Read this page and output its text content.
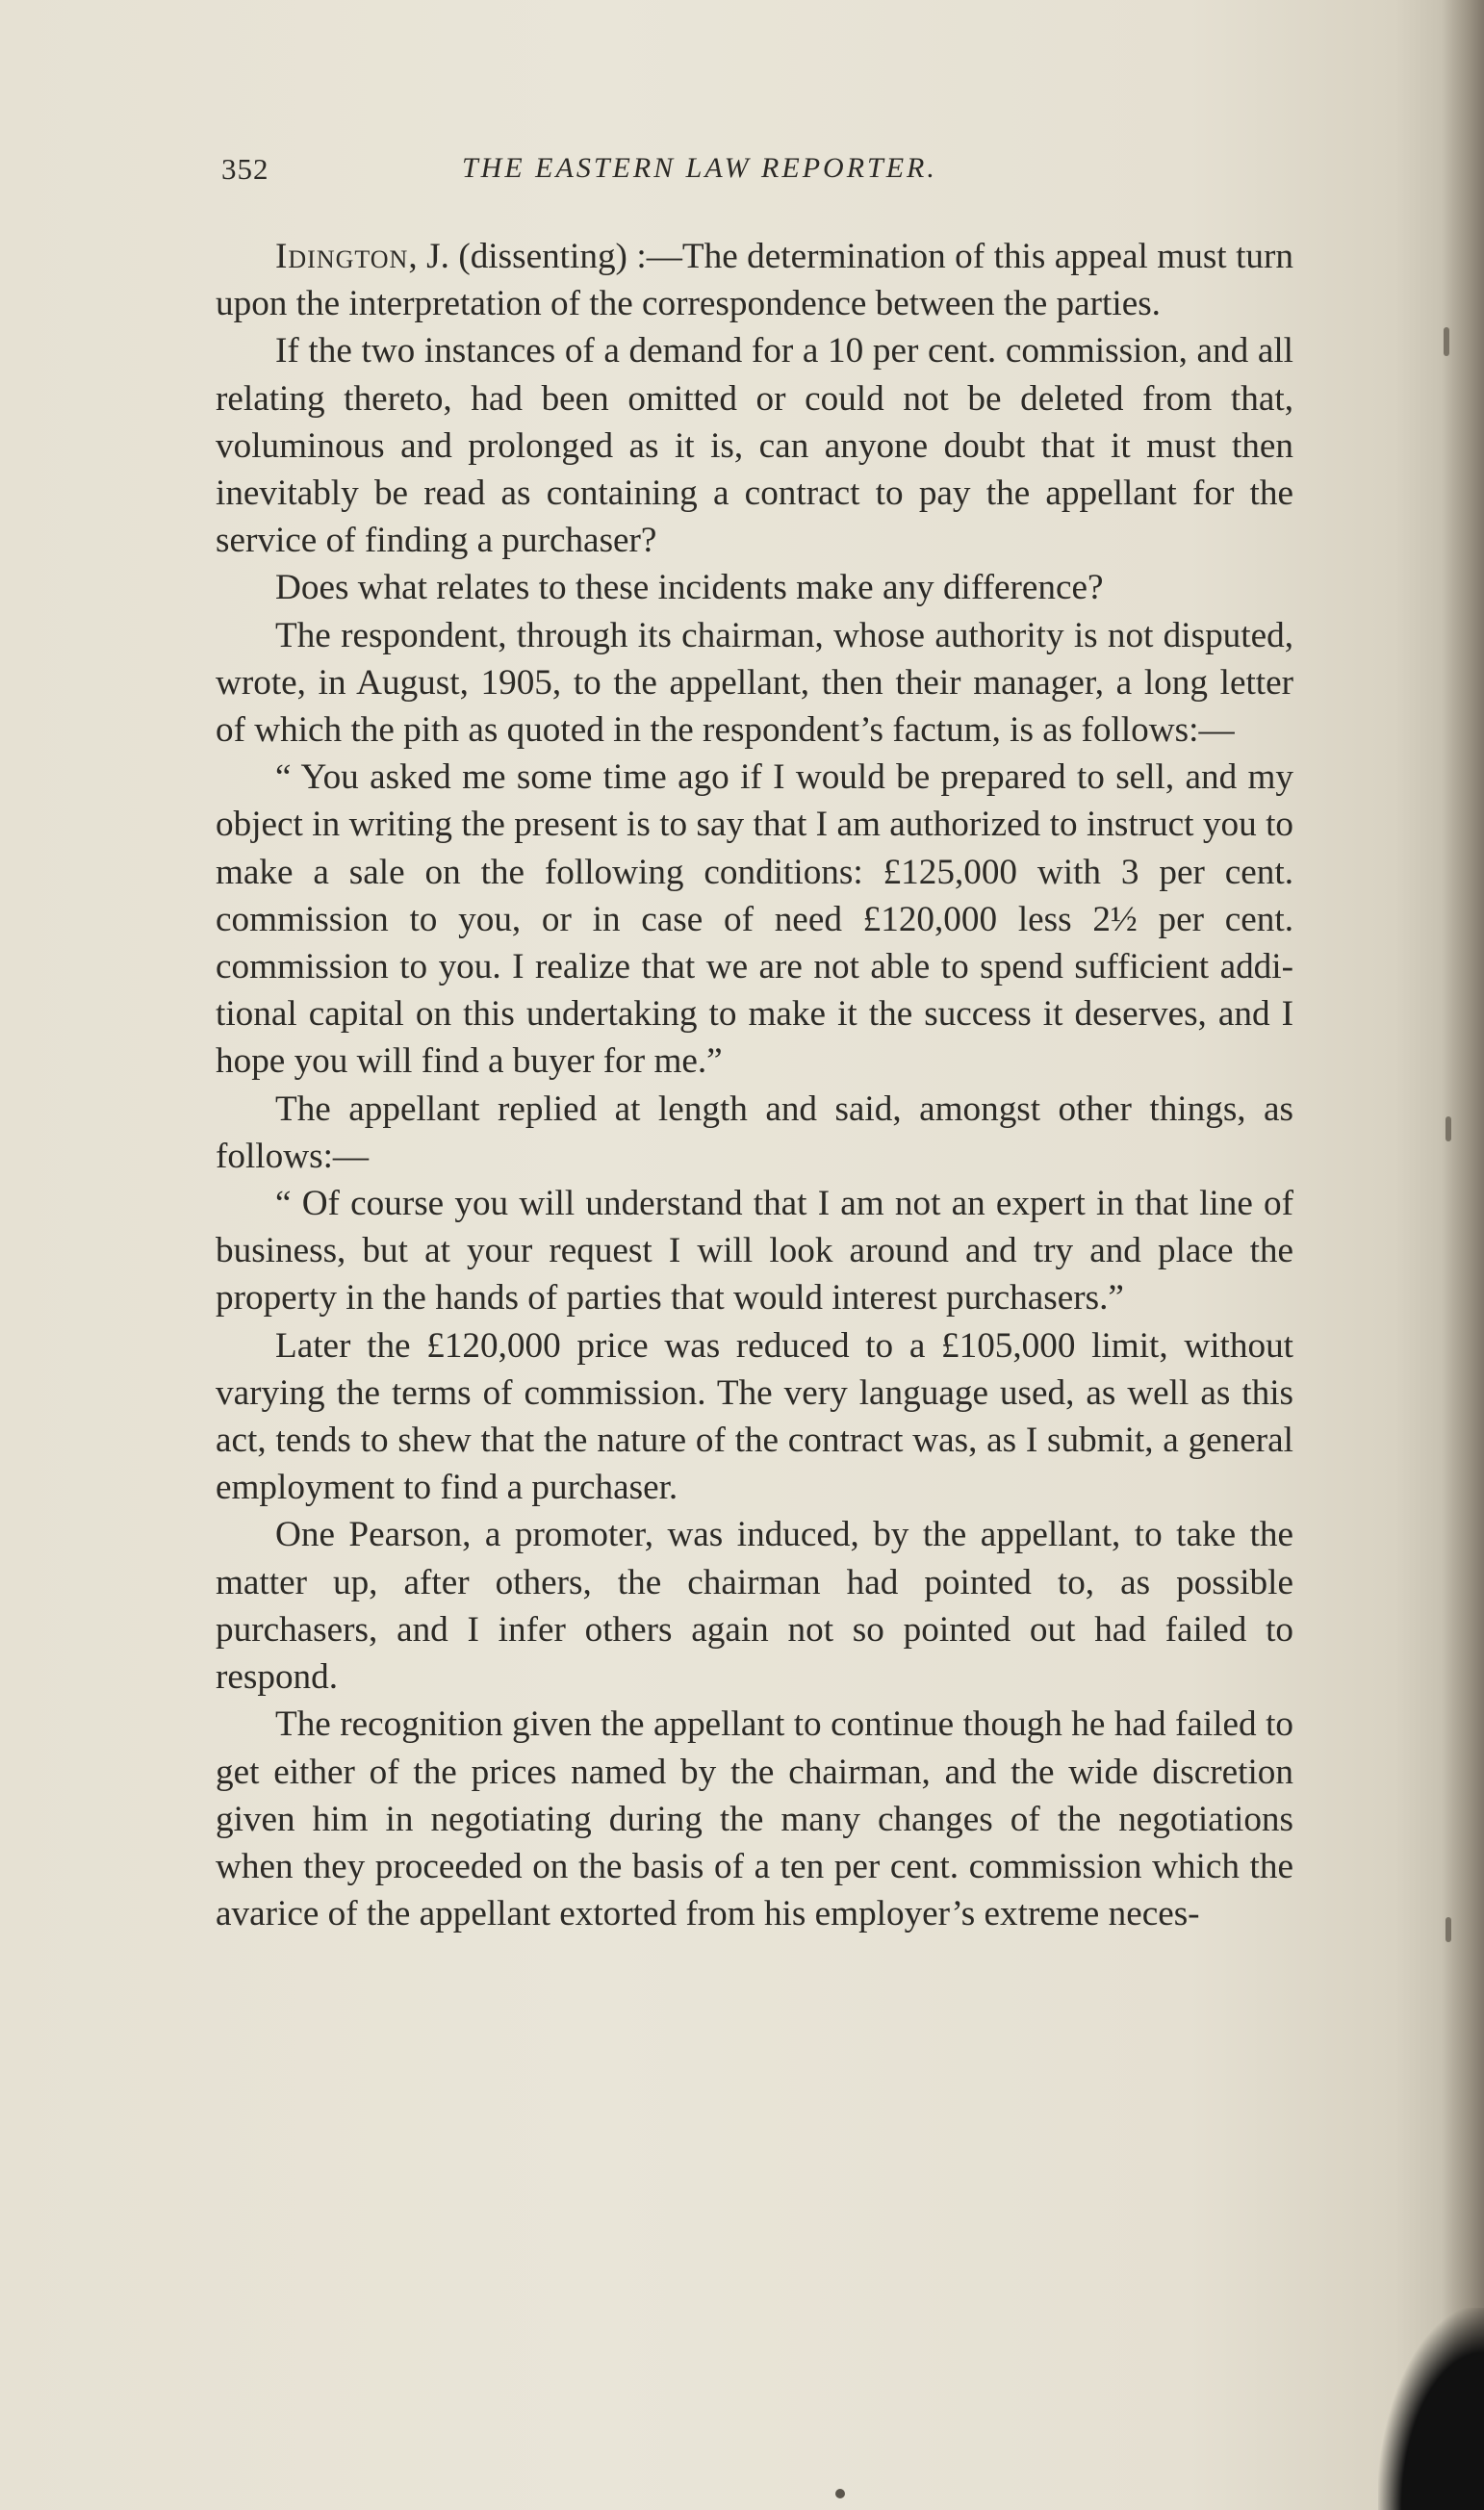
352	THE EASTERN LAW REPORTER.

Idington, J. (dissenting) :—The determination of this appeal must turn upon the interpretation of the correspondence between the parties.

If the two instances of a demand for a 10 per cent. commission, and all relating thereto, had been omitted or could not be deleted from that, voluminous and prolonged as it is, can anyone doubt that it must then inevitably be read as containing a contract to pay the appellant for the service of finding a purchaser?

Does what relates to these incidents make any difference?

The respondent, through its chairman, whose authority is not disputed, wrote, in August, 1905, to the appellant, then their manager, a long letter of which the pith as quoted in the respondent’s factum, is as follows:—

“ You asked me some time ago if I would be prepared to sell, and my object in writing the present is to say that I am authorized to instruct you to make a sale on the following conditions: £125,000 with 3 per cent. commission to you, or in case of need £120,000 less 2½ per cent. commission to you. I realize that we are not able to spend sufficient additional capital on this undertaking to make it the success it deserves, and I hope you will find a buyer for me.”

The appellant replied at length and said, amongst other things, as follows:—

“ Of course you will understand that I am not an expert in that line of business, but at your request I will look around and try and place the property in the hands of parties that would interest purchasers.”

Later the £120,000 price was reduced to a £105,000 limit, without varying the terms of commission. The very language used, as well as this act, tends to shew that the nature of the contract was, as I submit, a general employment to find a purchaser.

One Pearson, a promoter, was induced, by the appellant, to take the matter up, after others, the chairman had pointed to, as possible purchasers, and I infer others again not so pointed out had failed to respond.

The recognition given the appellant to continue though he had failed to get either of the prices named by the chairman, and the wide discretion given him in negotiating during the many changes of the negotiations when they proceeded on the basis of a ten per cent. commission which the avarice of the appellant extorted from his employer’s extreme neces-
